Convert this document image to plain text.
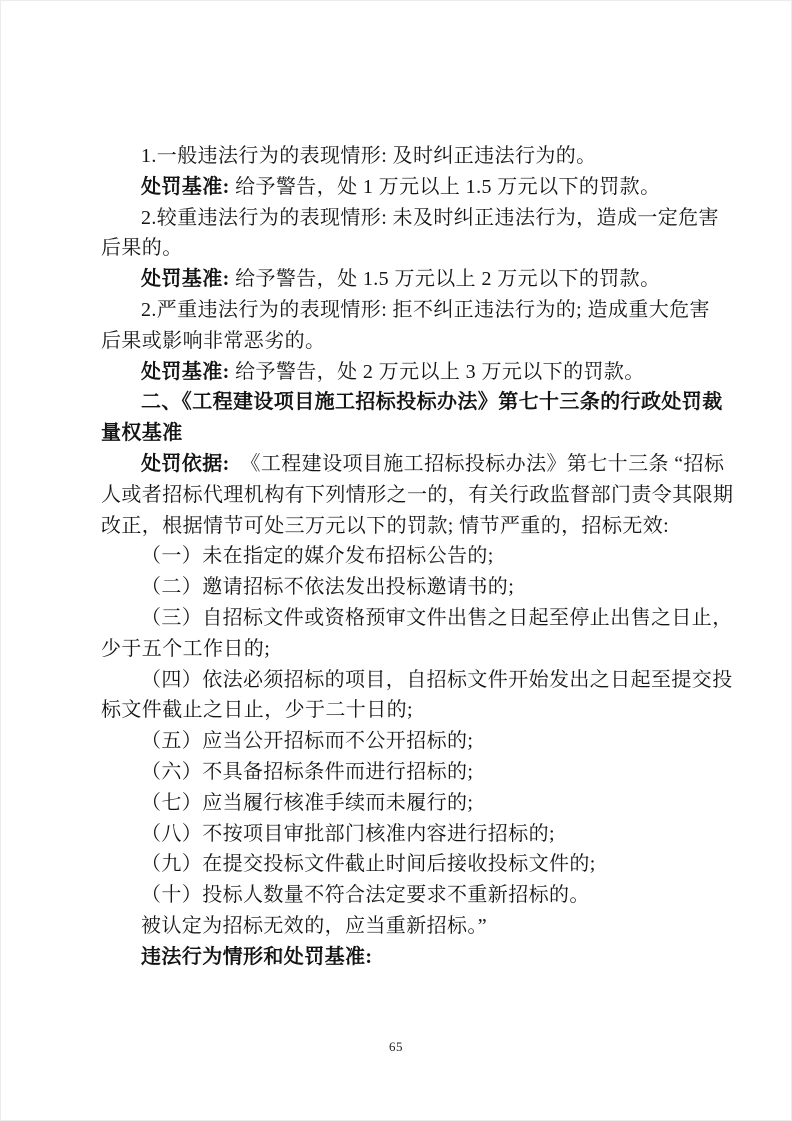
1.一般违法行为的表现情形: 及时纠正违法行为的。
处罚基准: 给予警告，处 1 万元以上 1.5 万元以下的罚款。
2.较重违法行为的表现情形: 未及时纠正违法行为，造成一定危害
后果的。
处罚基准: 给予警告，处 1.5 万元以上 2 万元以下的罚款。
2.严重违法行为的表现情形: 拒不纠正违法行为的; 造成重大危害
后果或影响非常恶劣的。
处罚基准: 给予警告，处 2 万元以上 3 万元以下的罚款。
二、《工程建设项目施工招标投标办法》第七十三条的行政处罚裁
量权基准
处罚依据:  《工程建设项目施工招标投标办法》第七十三条 “招标
人或者招标代理机构有下列情形之一的，有关行政监督部门责令其限期
改正，根据情节可处三万元以下的罚款; 情节严重的，招标无效:
（一）未在指定的媒介发布招标公告的;
（二）邀请招标不依法发出投标邀请书的;
（三）自招标文件或资格预审文件出售之日起至停止出售之日止，
少于五个工作日的;
（四）依法必须招标的项目，自招标文件开始发出之日起至提交投
标文件截止之日止，少于二十日的;
（五）应当公开招标而不公开招标的;
（六）不具备招标条件而进行招标的;
（七）应当履行核准手续而未履行的;
（八）不按项目审批部门核准内容进行招标的;
（九）在提交投标文件截止时间后接收投标文件的;
（十）投标人数量不符合法定要求不重新招标的。
被认定为招标无效的，应当重新招标。”
违法行为情形和处罚基准:
65
